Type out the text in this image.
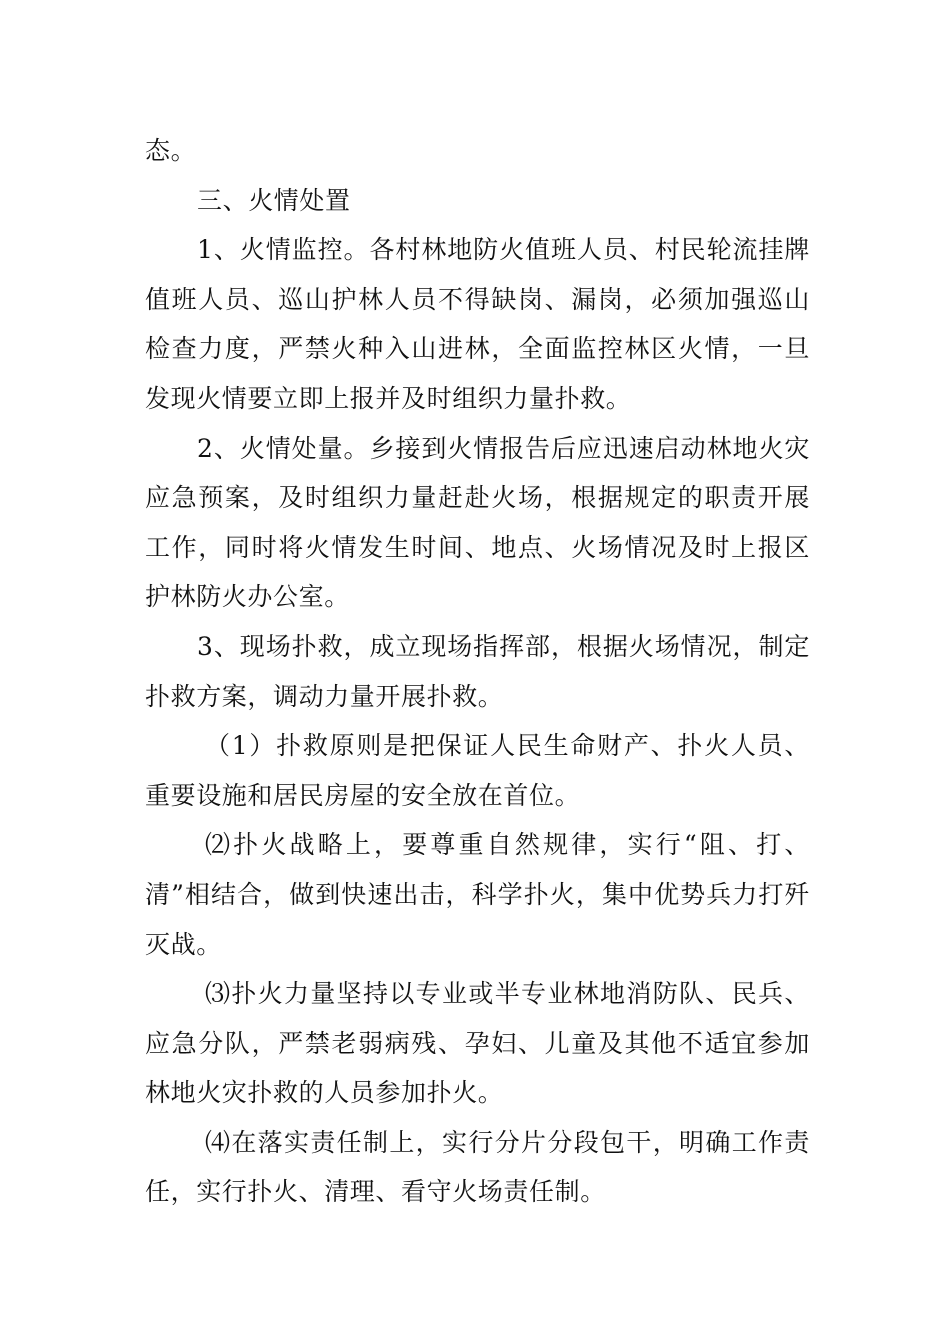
态。

三、火情处置

1、火情监控。各村林地防火值班人员、村民轮流挂牌值班人员、巡山护林人员不得缺岗、漏岗，必须加强巡山检查力度，严禁火种入山进林，全面监控林区火情，一旦发现火情要立即上报并及时组织力量扑救。

2、火情处量。乡接到火情报告后应迅速启动林地火灾应急预案，及时组织力量赶赴火场，根据规定的职责开展工作，同时将火情发生时间、地点、火场情况及时上报区护林防火办公室。

3、现场扑救，成立现场指挥部，根据火场情况，制定扑救方案，调动力量开展扑救。

（1）扑救原则是把保证人民生命财产、扑火人员、重要设施和居民房屋的安全放在首位。

⑵扑火战略上，要尊重自然规律，实行“阻、打、清”相结合，做到快速出击，科学扑火，集中优势兵力打歼灭战。

⑶扑火力量坚持以专业或半专业林地消防队、民兵、应急分队，严禁老弱病残、孕妇、儿童及其他不适宜参加林地火灾扑救的人员参加扑火。

⑷在落实责任制上，实行分片分段包干，明确工作责任，实行扑火、清理、看守火场责任制。
